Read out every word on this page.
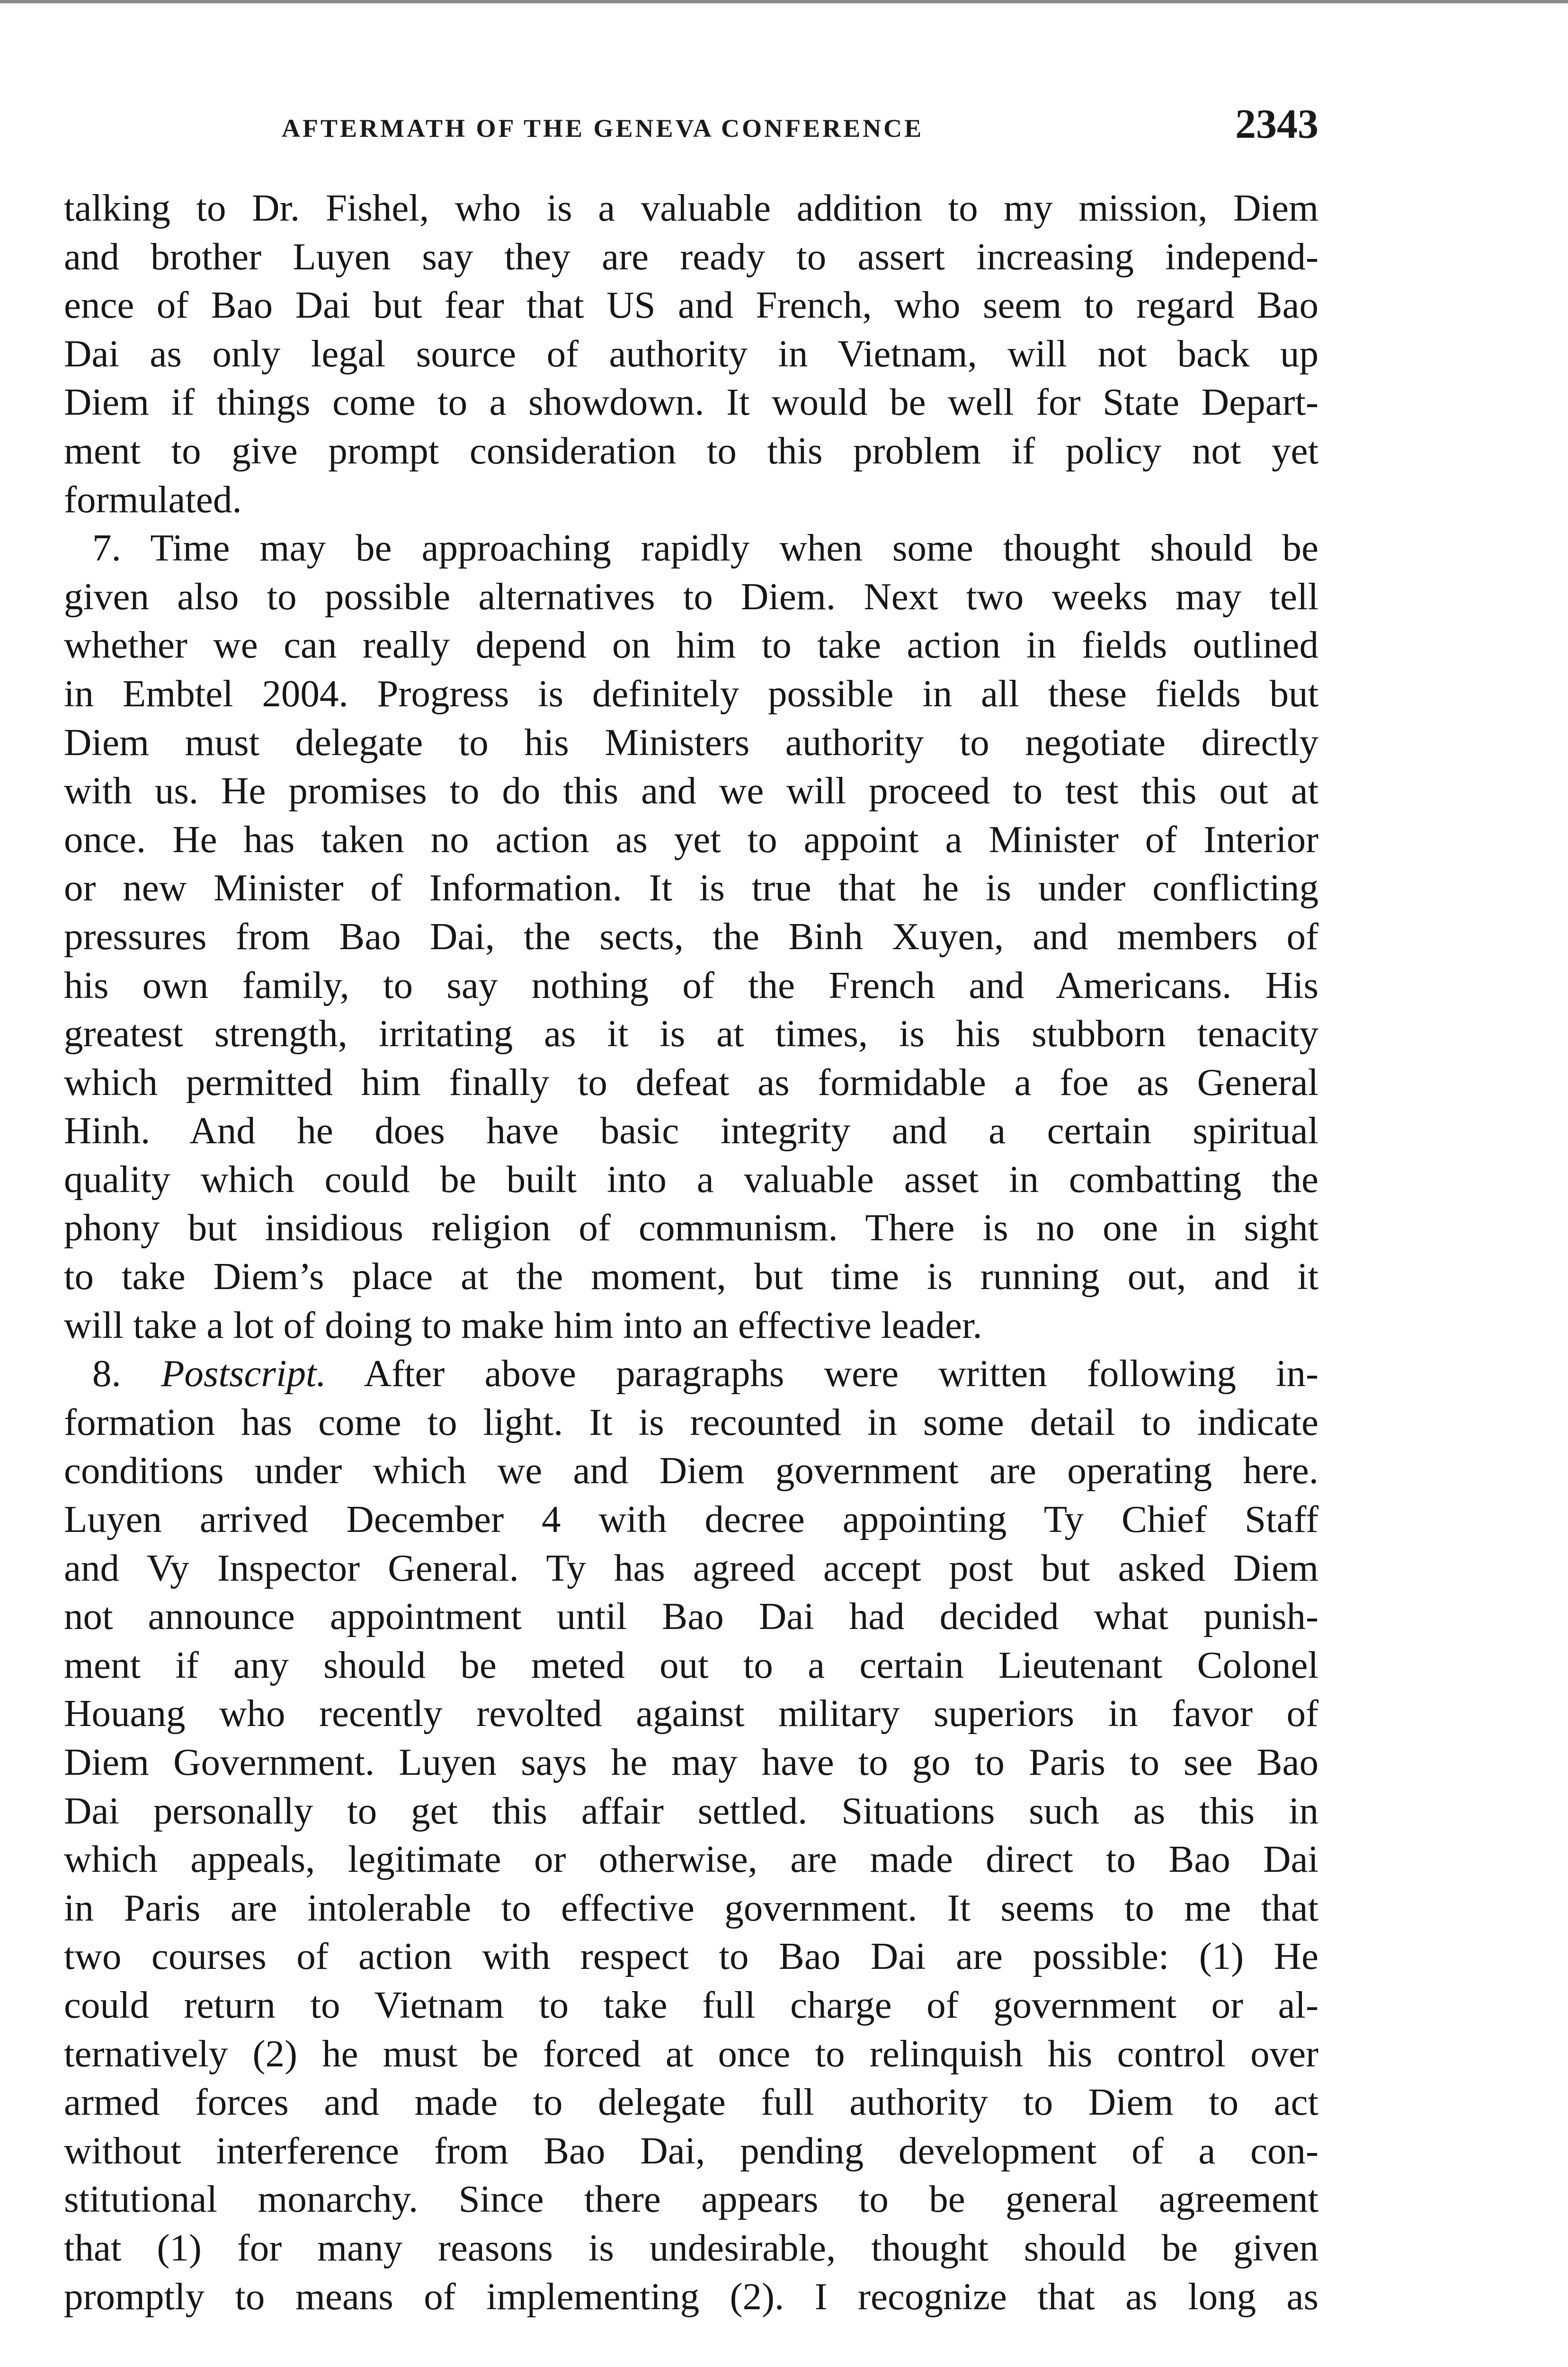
AFTERMATH OF THE GENEVA CONFERENCE	2343
talking to Dr. Fishel, who is a valuable addition to my mission, Diem
and brother Luyen say they are ready to assert increasing independ-
ence of Bao Dai but fear that US and French, who seem to regard Bao
Dai as only legal source of authority in Vietnam, will not back up
Diem if things come to a showdown. It would be well for State Depart-
ment to give prompt consideration to this problem if policy not yet
formulated.
7. Time may be approaching rapidly when some thought should be
given also to possible alternatives to Diem. Next two weeks may tell
whether we can really depend on him to take action in fields outlined
in Embtel 2004. Progress is definitely possible in all these fields but
Diem must delegate to his Ministers authority to negotiate directly
with us. He promises to do this and we will proceed to test this out at
once. He has taken no action as yet to appoint a Minister of Interior
or new Minister of Information. It is true that he is under conflicting
pressures from Bao Dai, the sects, the Binh Xuyen, and members of
his own family, to say nothing of the French and Americans. His
greatest strength, irritating as it is at times, is his stubborn tenacity
which permitted him finally to defeat as formidable a foe as General
Hinh. And he does have basic integrity and a certain spiritual
quality which could be built into a valuable asset in combatting the
phony but insidious religion of communism. There is no one in sight
to take Diem’s place at the moment, but time is running out, and it
will take a lot of doing to make him into an effective leader.
8. Postscript. After above paragraphs were written following in-
formation has come to light. It is recounted in some detail to indicate
conditions under which we and Diem government are operating here.
Luyen arrived December 4 with decree appointing Ty Chief Staff
and Vy Inspector General. Ty has agreed accept post but asked Diem
not announce appointment until Bao Dai had decided what punish-
ment if any should be meted out to a certain Lieutenant Colonel
Houang who recently revolted against military superiors in favor of
Diem Government. Luyen says he may have to go to Paris to see Bao
Dai personally to get this affair settled. Situations such as this in
which appeals, legitimate or otherwise, are made direct to Bao Dai
in Paris are intolerable to effective government. It seems to me that
two courses of action with respect to Bao Dai are possible: (1) He
could return to Vietnam to take full charge of government or al-
ternatively (2) he must be forced at once to relinquish his control over
armed forces and made to delegate full authority to Diem to act
without interference from Bao Dai, pending development of a con-
stitutional monarchy. Since there appears to be general agreement
that (1) for many reasons is undesirable, thought should be given
promptly to means of implementing (2). I recognize that as long as
